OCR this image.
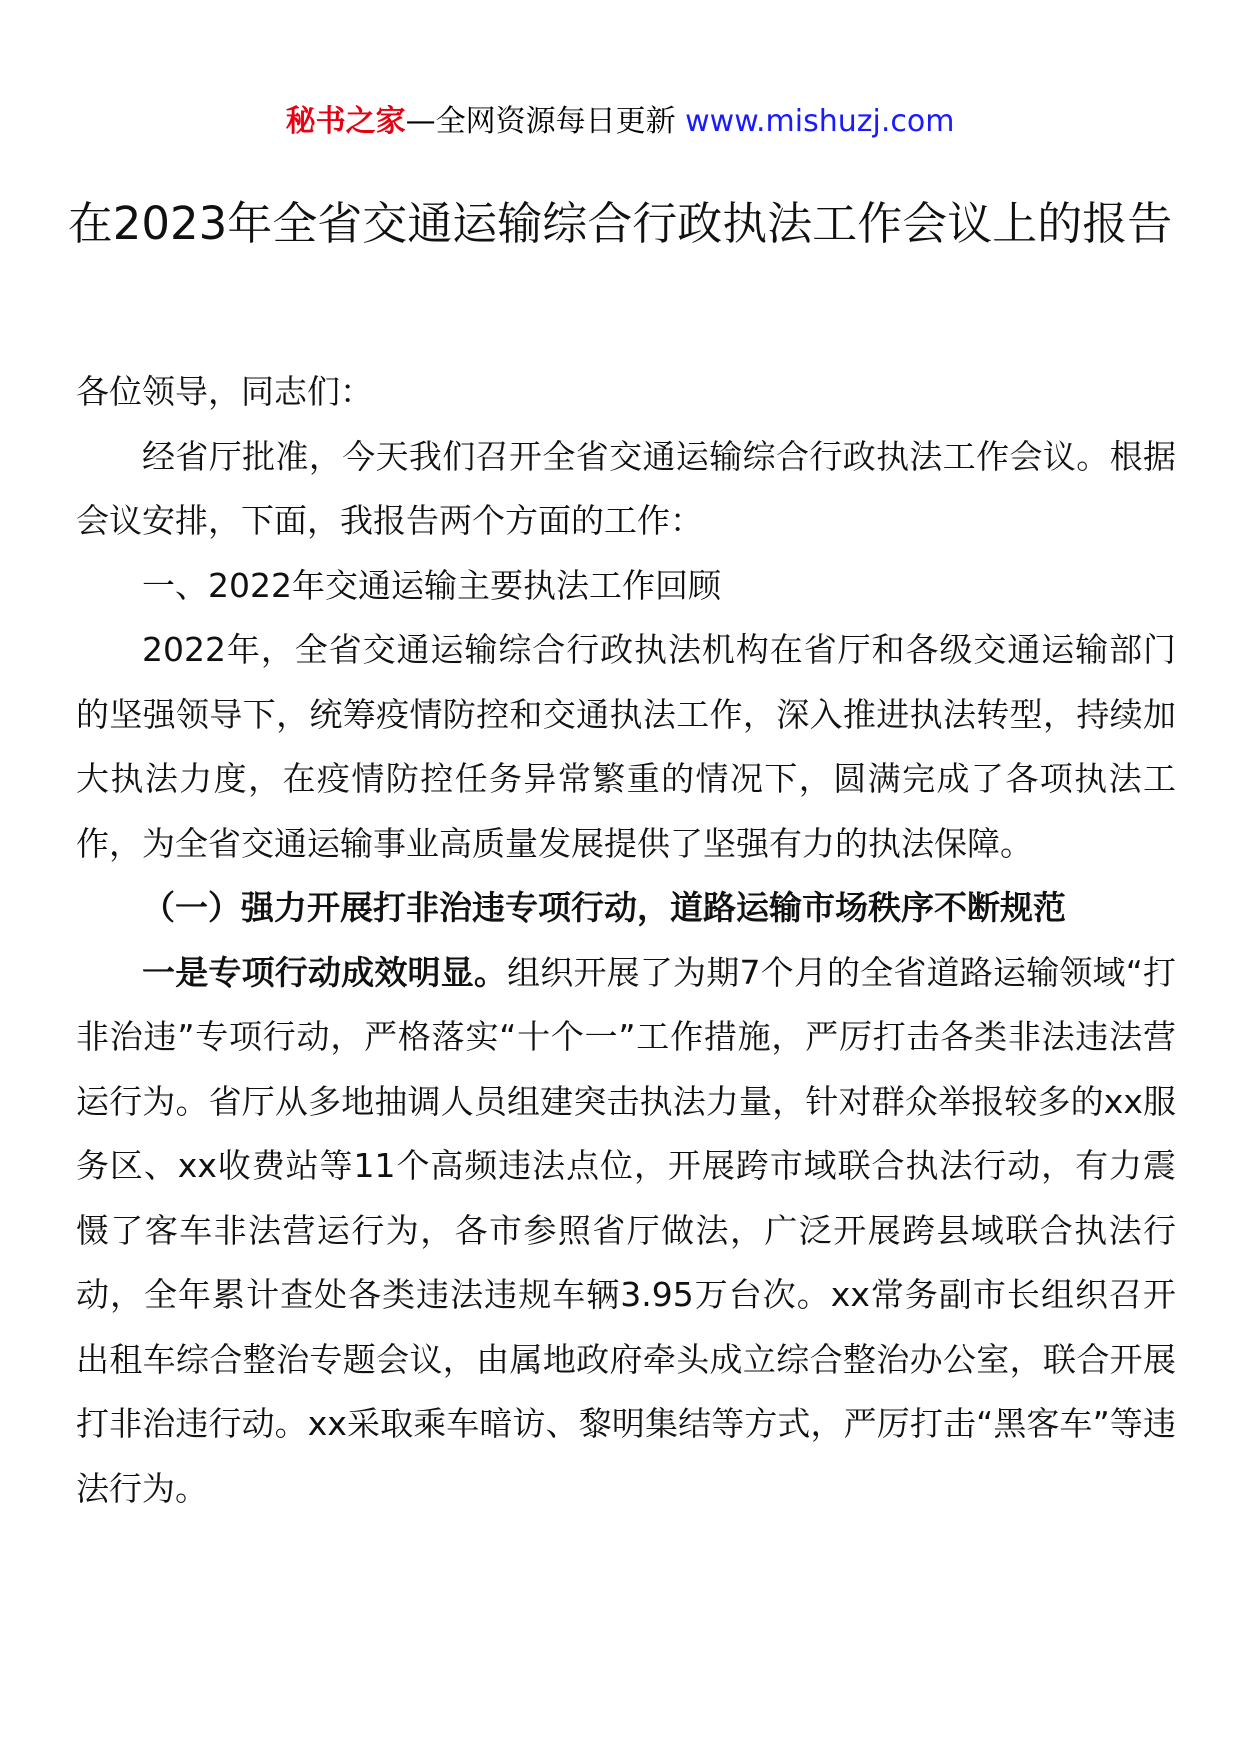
秘书之家—全网资源每日更新 www.mishuzj.com
在2023年全省交通运输综合行政执法工作会议上的报告

各位领导，同志们：

经省厅批准，今天我们召开全省交通运输综合行政执法工作会议。根据会议安排，下面，我报告两个方面的工作：

一、2022年交通运输主要执法工作回顾

2022年，全省交通运输综合行政执法机构在省厅和各级交通运输部门的坚强领导下，统筹疫情防控和交通执法工作，深入推进执法转型，持续加大执法力度，在疫情防控任务异常繁重的情况下，圆满完成了各项执法工作，为全省交通运输事业高质量发展提供了坚强有力的执法保障。

（一）强力开展打非治违专项行动，道路运输市场秩序不断规范

一是专项行动成效明显。组织开展了为期7个月的全省道路运输领域“打非治违”专项行动，严格落实“十个一”工作措施，严厉打击各类非法违法营运行为。省厅从多地抽调人员组建突击执法力量，针对群众举报较多的xx服务区、xx收费站等11个高频违法点位，开展跨市域联合执法行动，有力震慑了客车非法营运行为，各市参照省厅做法，广泛开展跨县域联合执法行动，全年累计查处各类违法违规车辆3.95万台次。xx常务副市长组织召开出租车综合整治专题会议，由属地政府牵头成立综合整治办公室，联合开展打非治违行动。xx采取乘车暗访、黎明集结等方式，严厉打击“黑客车”等违法行为。
